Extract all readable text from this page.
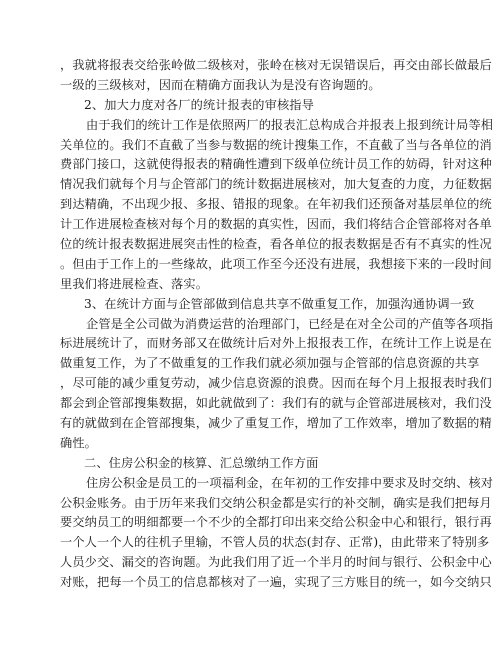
，我就将报表交给张岭做二级核对，张岭在核对无误错误后，再交由部长做最后
一级的三级核对，因而在精确方面我认为是没有咨询题的。
2、加大力度对各厂的统计报表的审核指导
由于我们的统计工作是依照两厂的报表汇总构成合并报表上报到统计局等相
关单位的。我们不直截了当参与数据的统计搜集工作，不直截了当与各单位的消
费部门接口，这就使得报表的精确性遭到下级单位统计员工作的妨碍，针对这种
情况我们就每个月与企管部门的统计数据进展核对，加大复查的力度，力征数据
到达精确，不出现少报、多报、错报的现象。在年初我们还预备对基层单位的统
计工作进展检查核对每个月的数据的真实性，因而，我们将结合企管部将对各单
位的统计报表数据进展突击性的检查，看各单位的报表数据是否有不真实的性况
。但由于工作上的一些缘故，此项工作至今还没有进展，我想接下来的一段时间
里我们将进展检查、落实。
3、在统计方面与企管部做到信息共享不做重复工作，加强沟通协调一致
企管是全公司做为消费运营的治理部门，已经是在对全公司的产值等各项指
标进展统计了，而财务部又在做统计后对外上报报表工作，在统计工作上说是在
做重复工作，为了不做重复的工作我们就必须加强与企管部的信息资源的共享
，尽可能的减少重复劳动，减少信息资源的浪费。因而在每个月上报报表时我们
都会到企管部搜集数据，如此就做到了：我们有的就与企管部进展核对，我们没
有的就做到在企管部搜集，减少了重复工作，增加了工作效率，增加了数据的精
确性。
二、住房公积金的核算、汇总缴纳工作方面
住房公积金是员工的一项福利金，在年初的工作安排中要求及时交纳、核对
公积金账务。由于历年来我们交纳公积金都是实行的补交制，确实是我们把每月
要交纳员工的明细都要一个不少的全都打印出来交给公积金中心和银行，银行再
一个人一个人的往机子里输，不管人员的状态(封存、正常)，由此带来了特别多
人员少交、漏交的咨询题。为此我们用了近一个半月的时间与银行、公积金中心
对账，把每一个员工的信息都核对了一遍，实现了三方账目的统一，如今交纳只
